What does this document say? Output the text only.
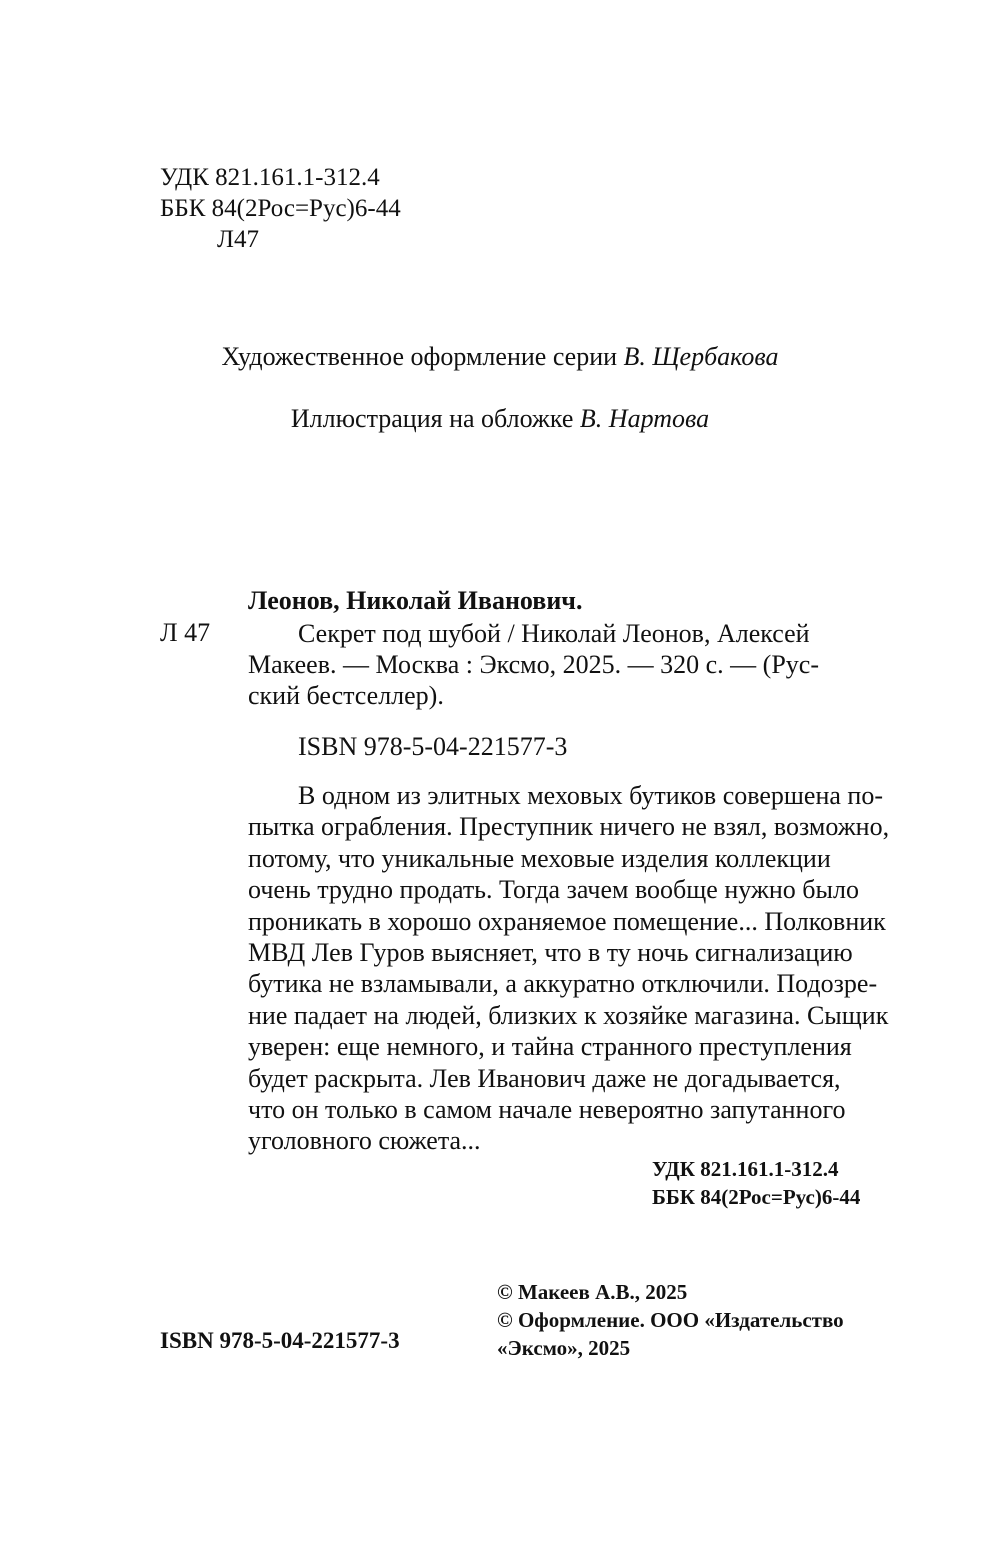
УДК 821.161.1-312.4
ББК 84(2Рос=Рус)6-44
Л47
Художественное оформление серии В. Щербакова
Иллюстрация на обложке В. Нартова
Леонов, Николай Иванович.
Л 47	Секрет под шубой / Николай Леонов, Алексей
Макеев. — Москва : Эксмо, 2025. — 320 с. — (Рус-
ский бестселлер).
ISBN 978-5-04-221577-3
В одном из элитных меховых бутиков совершена по-
пытка ограбления. Преступник ничего не взял, возможно,
потому, что уникальные меховые изделия коллекции
очень трудно продать. Тогда зачем вообще нужно было
проникать в хорошо охраняемое помещение... Полковник
МВД Лев Гуров выясняет, что в ту ночь сигнализацию
бутика не взламывали, а аккуратно отключили. Подозре-
ние падает на людей, близких к хозяйке магазина. Сыщик
уверен: еще немного, и тайна странного преступления
будет раскрыта. Лев Иванович даже не догадывается,
что он только в самом начале невероятно запутанного
уголовного сюжета...
УДК 821.161.1-312.4
ББК 84(2Рос=Рус)6-44
© Макеев А.В., 2025
© Оформление. ООО «Издательство
«Эксмо», 2025
ISBN 978-5-04-221577-3
